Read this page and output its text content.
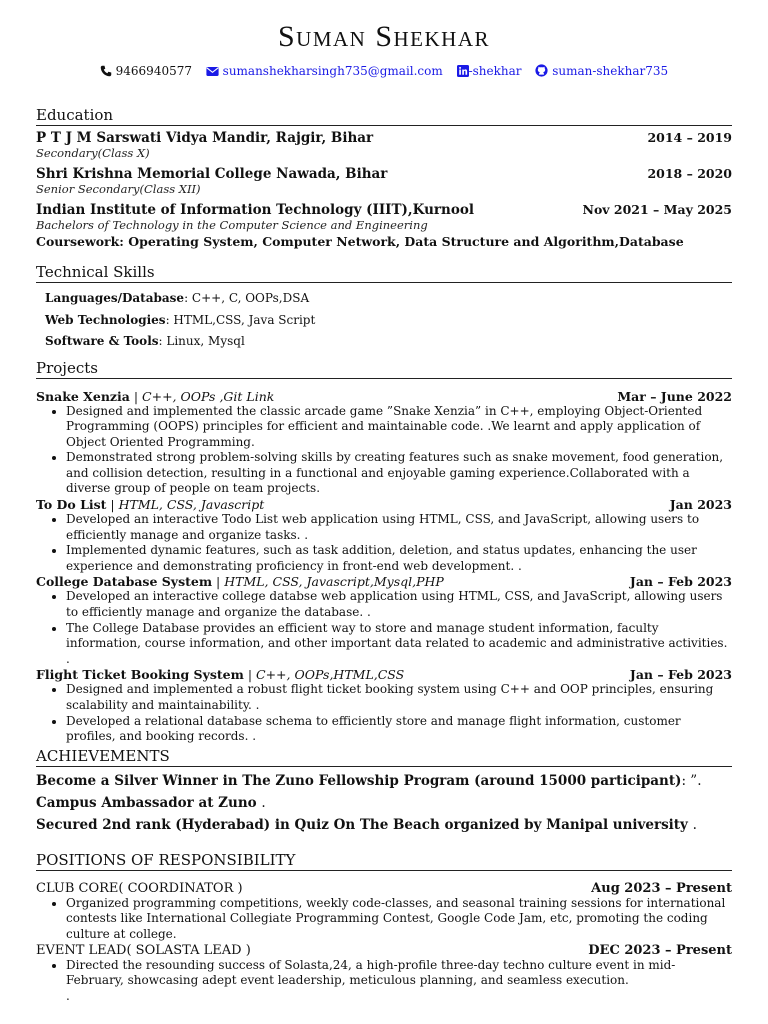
Suman Shekhar
9466940577	sumanshekharsingh735@gmail.com -shekhar	suman-shekhar735
Education
P T J M Sarswati Vidya Mandir, Rajgir, Bihar	2014 – 2019
Secondary(Class X)
Shri Krishna Memorial College Nawada, Bihar	2018 – 2020
Senior Secondary(Class XII)
Indian Institute of Information Technology (IIIT),Kurnool	Nov 2021 – May 2025
Bachelors of Technology in the Computer Science and Engineering
Coursework: Operating System, Computer Network, Data Structure and Algorithm,Database
Technical Skills
Languages/Database: C++, C, OOPs,DSA
Web Technologies: HTML,CSS, Java Script
Software & Tools: Linux, Mysql
Projects
Snake Xenzia | C++, OOPs ,Git Link	Mar – June 2022
• Designed and implemented the classic arcade game ”Snake Xenzia” in C++, employing Object-Oriented Programming (OOPS) principles for efficient and maintainable code. .We learnt and apply application of Object Oriented Programming.
• Demonstrated strong problem-solving skills by creating features such as snake movement, food generation, and collision detection, resulting in a functional and enjoyable gaming experience.Collaborated with a diverse group of people on team projects.
To Do List | HTML, CSS, Javascript	Jan 2023
• Developed an interactive Todo List web application using HTML, CSS, and JavaScript, allowing users to efficiently manage and organize tasks. .
• Implemented dynamic features, such as task addition, deletion, and status updates, enhancing the user experience and demonstrating proficiency in front-end web development. .
College Database System | HTML, CSS, Javascript,Mysql,PHP	Jan – Feb 2023
• Developed an interactive college databse web application using HTML, CSS, and JavaScript, allowing users to efficiently manage and organize the database. .
• The College Database provides an efficient way to store and manage student information, faculty information, course information, and other important data related to academic and administrative activities. .
Flight Ticket Booking System | C++, OOPs,HTML,CSS	Jan – Feb 2023
• Designed and implemented a robust flight ticket booking system using C++ and OOP principles, ensuring scalability and maintainability. .
• Developed a relational database schema to efficiently store and manage flight information, customer profiles, and booking records. .
ACHIEVEMENTS
Become a Silver Winner in The Zuno Fellowship Program (around 15000 participant): ”.
Campus Ambassador at Zuno .
Secured 2nd rank (Hyderabad) in Quiz On The Beach organized by Manipal university .
POSITIONS OF RESPONSIBILITY
CLUB CORE( COORDINATOR )	Aug 2023 – Present
• Organized programming competitions, weekly code-classes, and seasonal training sessions for international contests like International Collegiate Programming Contest, Google Code Jam, etc, promoting the coding culture at college.
EVENT LEAD( SOLASTA LEAD )	DEC 2023 – Present
• Directed the resounding success of Solasta,24, a high-profile three-day techno culture event in mid-February, showcasing adept event leadership, meticulous planning, and seamless execution.
.
